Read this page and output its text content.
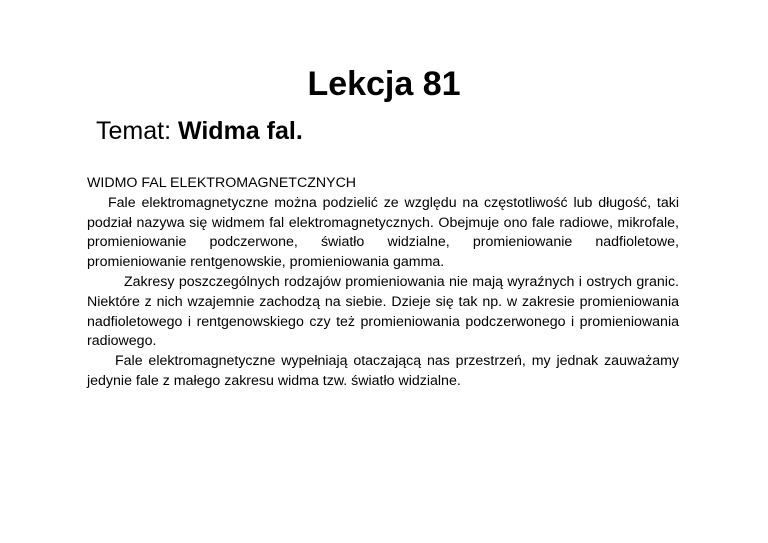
Lekcja 81
Temat: Widma fal.

WIDMO FAL ELEKTROMAGNETCZNYCH

Fale elektromagnetyczne można podzielić ze względu na częstotliwość lub długość, taki podział nazywa się widmem fal elektromagnetycznych. Obejmuje ono fale radiowe, mikrofale, promieniowanie podczerwone, światło widzialne, promieniowanie nadfioletowe, promieniowanie rentgenowskie, promieniowania gamma.

Zakresy poszczególnych rodzajów promieniowania nie mają wyraźnych i ostrych granic. Niektóre z nich wzajemnie zachodzą na siebie. Dzieje się tak np. w zakresie promieniowania nadfioletowego i rentgenowskiego czy też promieniowania podczerwonego i promieniowania radiowego.

Fale elektromagnetyczne wypełniają otaczającą nas przestrzeń, my jednak zauważamy jedynie fale z małego zakresu widma tzw. światło widzialne.
